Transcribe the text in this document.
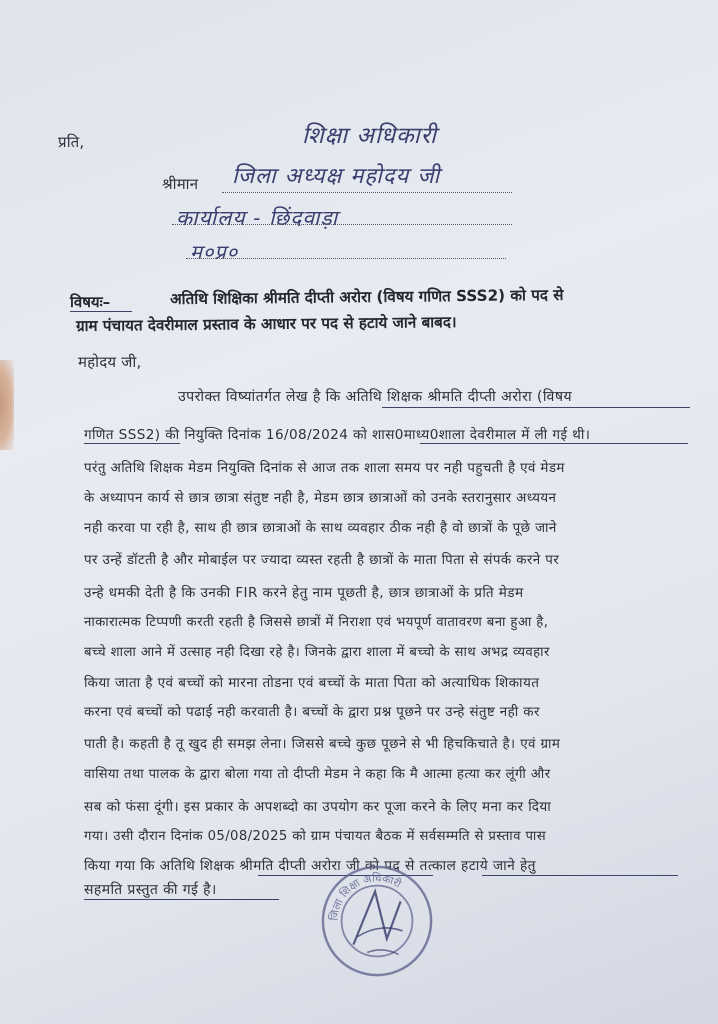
प्रति,	शिक्षा अधिकारी
श्रीमान जिला अध्यक्ष महोदय जी
कार्यालय - छिंदवाड़ा
म०प्र०
विषयः–	अतिथि शिक्षिका श्रीमति दीप्ती अरोरा (विषय गणित SSS2) को पद से
ग्राम पंचायत देवरीमाल प्रस्ताव के आधार पर पद से हटाये जाने बाबद।
महोदय जी,
उपरोक्त विष्यांतर्गत लेख है कि अतिथि शिक्षक श्रीमति दीप्ती अरोरा (विषय
गणित SSS2) की नियुक्ति दिनांक 16/08/2024 को शास0माध्य0शाला देवरीमाल में ली गई थी।
परंतु अतिथि शिक्षक मेडम नियुक्ति दिनांक से आज तक शाला समय पर नही पहुचती है एवं मेडम
के अध्यापन कार्य से छात्र छात्रा संतुष्ट नही है, मेडम छात्र छात्राओं को उनके स्तरानुसार अध्ययन
नही करवा पा रही है, साथ ही छात्र छात्राओं के साथ व्यवहार ठीक नही है वो छात्रों के पूछे जाने
पर उन्हें डॉटती है और मोबाईल पर ज्यादा व्यस्त रहती है छात्रों के माता पिता से संपर्क करने पर
उन्हे धमकी देती है कि उनकी FIR करने हेतु नाम पूछती है, छात्र छात्राओं के प्रति मेडम
नाकारात्मक टिप्पणी करती रहती है जिससे छात्रों में निराशा एवं भयपूर्ण वातावरण बना हुआ है,
बच्चे शाला आने में उत्साह नही दिखा रहे है। जिनके द्वारा शाला में बच्चो के साथ अभद्र व्यवहार
किया जाता है एवं बच्चों को मारना तोडना एवं बच्चों के माता पिता को अत्याधिक शिकायत
करना एवं बच्चों को पढाई नही करवाती है। बच्चों के द्वारा प्रश्न पूछने पर उन्हे संतुष्ट नही कर
पाती है। कहती है तू खुद ही समझ लेना। जिससे बच्चे कुछ पूछने से भी हिचकिचाते है। एवं ग्राम
वासिया तथा पालक के द्वारा बोला गया तो दीप्ती मेडम ने कहा कि मै आत्मा हत्या कर लूंगी और
सब को फंसा दूंगी। इस प्रकार के अपशब्दो का उपयोग कर पूजा करने के लिए मना कर दिया
गया। उसी दौरान दिनांक 05/08/2025 को ग्राम पंचायत बैठक में सर्वसम्मति से प्रस्ताव पास
किया गया कि अतिथि शिक्षक श्रीमति दीप्ती अरोरा जी को पद से तत्काल हटाये जाने हेतु
सहमति प्रस्तुत की गई है।
जिला शिक्षा अधिकारी
